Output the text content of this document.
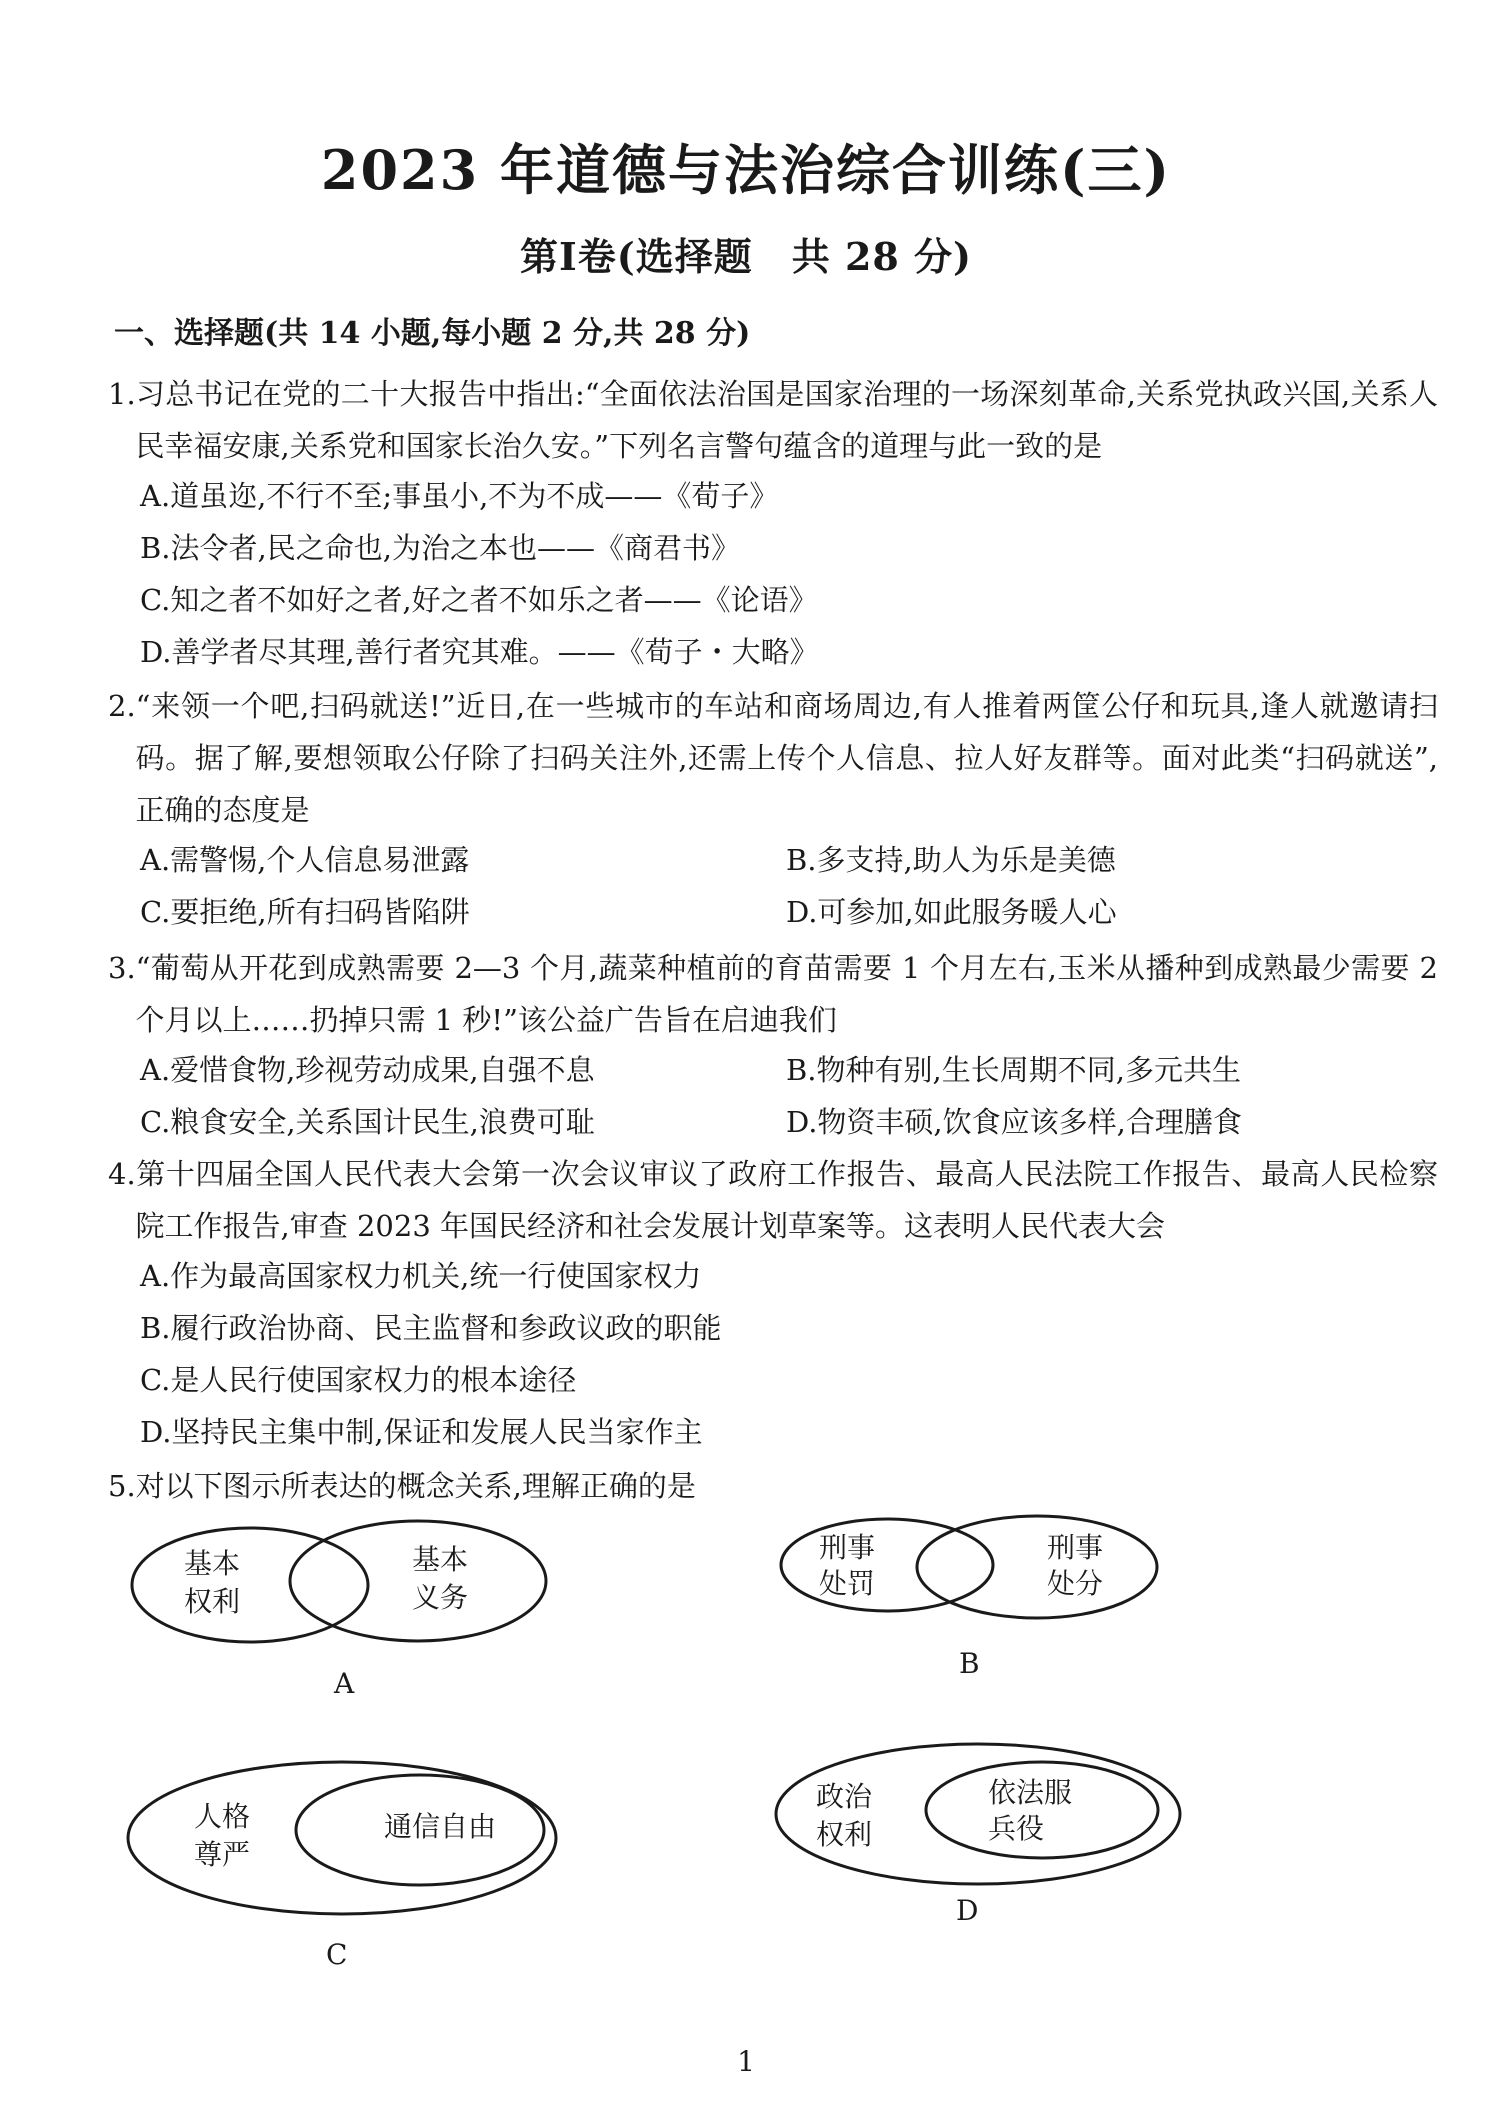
2023 年道德与法治综合训练(三)
第Ⅰ卷(选择题　共 28 分)
一、选择题(共 14 小题,每小题 2 分,共 28 分)
1.习总书记在党的二十大报告中指出:“全面依法治国是国家治理的一场深刻革命,关系党执政兴国,关系人民幸福安康,关系党和国家长治久安。”下列名言警句蕴含的道理与此一致的是
A.道虽迩,不行不至;事虽小,不为不成——《荀子》
B.法令者,民之命也,为治之本也——《商君书》
C.知之者不如好之者,好之者不如乐之者——《论语》
D.善学者尽其理,善行者究其难。——《荀子・大略》
2.“来领一个吧,扫码就送!”近日,在一些城市的车站和商场周边,有人推着两筐公仔和玩具,逢人就邀请扫码。据了解,要想领取公仔除了扫码关注外,还需上传个人信息、拉人好友群等。面对此类“扫码就送”,正确的态度是
A.需警惕,个人信息易泄露	B.多支持,助人为乐是美德
C.要拒绝,所有扫码皆陷阱	D.可参加,如此服务暖人心
3.“葡萄从开花到成熟需要 2—3 个月,蔬菜种植前的育苗需要 1 个月左右,玉米从播种到成熟最少需要 2 个月以上……扔掉只需 1 秒!”该公益广告旨在启迪我们
A.爱惜食物,珍视劳动成果,自强不息	B.物种有别,生长周期不同,多元共生
C.粮食安全,关系国计民生,浪费可耻	D.物资丰硕,饮食应该多样,合理膳食
4.第十四届全国人民代表大会第一次会议审议了政府工作报告、最高人民法院工作报告、最高人民检察院工作报告,审查 2023 年国民经济和社会发展计划草案等。这表明人民代表大会
A.作为最高国家权力机关,统一行使国家权力
B.履行政治协商、民主监督和参政议政的职能
C.是人民行使国家权力的根本途径
D.坚持民主集中制,保证和发展人民当家作主
5.对以下图示所表达的概念关系,理解正确的是
基本
权利
基本
义务
A
刑事
处罚
刑事
处分
B
人格
尊严
通信自由
C
政治
权利
依法服
兵役
D
1
